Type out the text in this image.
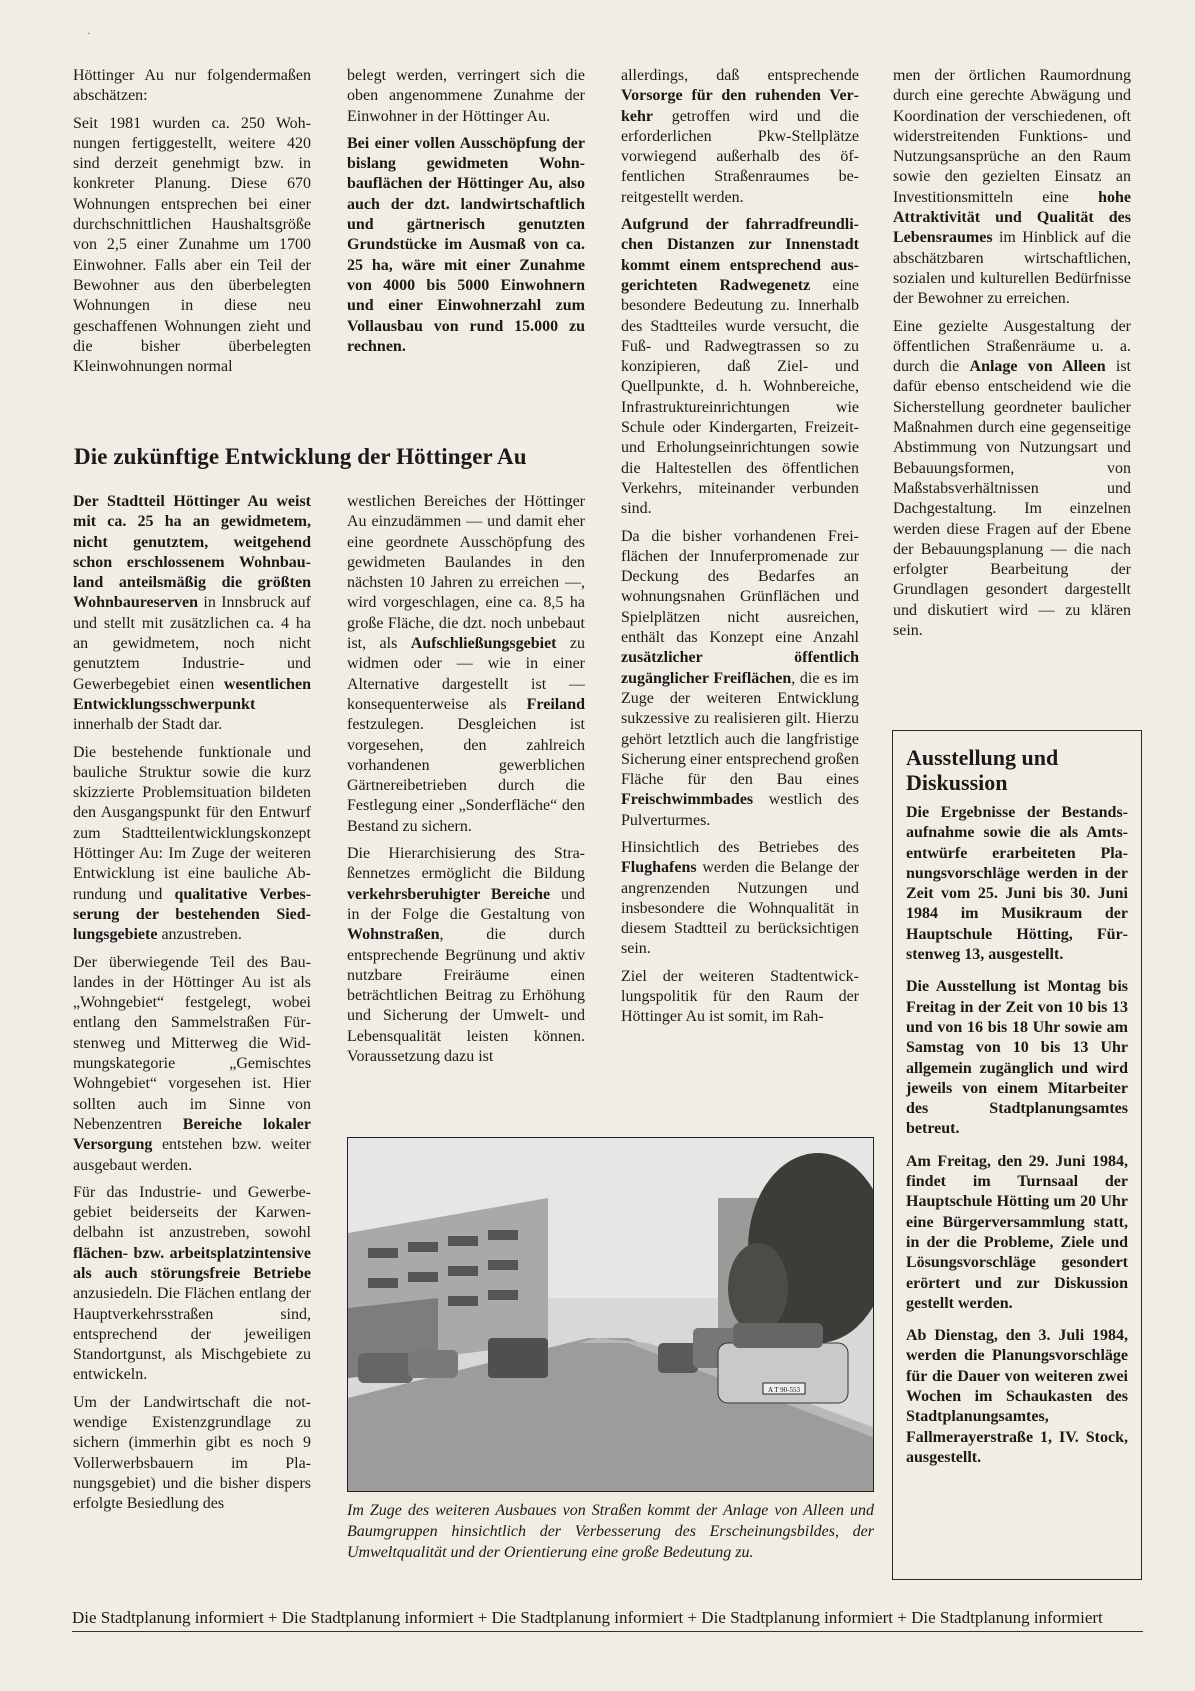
`

Höttinger Au nur folgendermaßen abschätzen:

Seit 1981 wurden ca. 250 Wohnungen fertiggestellt, weitere 420 sind derzeit genehmigt bzw. in konkreter Planung. Diese 670 Wohnungen entsprechen bei einer durchschnittlichen Haushaltsgröße von 2,5 einer Zunahme um 1700 Einwohner. Falls aber ein Teil der Bewohner aus den überbelegten Wohnungen in diese neu geschaffenen Wohnungen zieht und die bisher überbelegten Kleinwohnungen normal

belegt werden, verringert sich die oben angenommene Zunahme der Einwohner in der Höttinger Au.

Bei einer vollen Ausschöpfung der bislang gewidmeten Wohnbauflächen der Höttinger Au, also auch der dzt. landwirtschaftlich und gärtnerisch genutzten Grundstücke im Ausmaß von ca. 25 ha, wäre mit einer Zunahme von 4000 bis 5000 Einwohnern und einer Einwohnerzahl zum Vollausbau von rund 15.000 zu rechnen.

allerdings, daß entsprechende Vorsorge für den ruhenden Verkehr getroffen wird und die erforderlichen Pkw-Stellplätze vorwiegend außerhalb des öffentlichen Straßenraumes bereitgestellt werden.

Aufgrund der fahrradfreundlichen Distanzen zur Innenstadt kommt einem entsprechend ausgerichteten Radwegenetz eine besondere Bedeutung zu. Innerhalb des Stadtteiles wurde versucht, die Fuß- und Radwegtrassen so zu konzipieren, daß Ziel- und Quellpunkte, d. h. Wohnbereiche, Infrastruktureinrichtungen wie Schule oder Kindergarten, Freizeit- und Erholungseinrichtungen sowie die Haltestellen des öffentlichen Verkehrs, miteinander verbunden sind.

Da die bisher vorhandenen Freiflächen der Innuferpromenade zur Deckung des Bedarfes an wohnungsnahen Grünflächen und Spielplätzen nicht ausreichen, enthält das Konzept eine Anzahl zusätzlicher öffentlich zugänglicher Freiflächen, die es im Zuge der weiteren Entwicklung sukzessive zu realisieren gilt. Hierzu gehört letztlich auch die langfristige Sicherung einer entsprechend großen Fläche für den Bau eines Freischwimmbades westlich des Pulverturmes.

Hinsichtlich des Betriebes des Flughafens werden die Belange der angrenzenden Nutzungen und insbesondere die Wohnqualität in diesem Stadtteil zu berücksichtigen sein.

Ziel der weiteren Stadtentwicklungspolitik für den Raum der Höttinger Au ist somit, im Rah-

men der örtlichen Raumordnung durch eine gerechte Abwägung und Koordination der verschiedenen, oft widerstreitenden Funktions- und Nutzungsansprüche an den Raum sowie den gezielten Einsatz an Investitionsmitteln eine hohe Attraktivität und Qualität des Lebensraumes im Hinblick auf die abschätzbaren wirtschaftlichen, sozialen und kulturellen Bedürfnisse der Bewohner zu erreichen.

Eine gezielte Ausgestaltung der öffentlichen Straßenräume u. a. durch die Anlage von Alleen ist dafür ebenso entscheidend wie die Sicherstellung geordneter baulicher Maßnahmen durch eine gegenseitige Abstimmung von Nutzungsart und Bebauungsformen, von Maßstabsverhältnissen und Dachgestaltung. Im einzelnen werden diese Fragen auf der Ebene der Bebauungsplanung — die nach erfolgter Bearbeitung der Grundlagen gesondert dargestellt und diskutiert wird — zu klären sein.

Die zukünftige Entwicklung der Höttinger Au

Der Stadtteil Höttinger Au weist mit ca. 25 ha an gewidmetem, nicht genutztem, weitgehend schon erschlossenem Wohnbauland anteilsmäßig die größten Wohnbaureserven in Innsbruck auf und stellt mit zusätzlichen ca. 4 ha an gewidmetem, noch nicht genutztem Industrie- und Gewerbegebiet einen wesentlichen Entwicklungsschwerpunkt innerhalb der Stadt dar.

Die bestehende funktionale und bauliche Struktur sowie die kurz skizzierte Problemsituation bildeten den Ausgangspunkt für den Entwurf zum Stadtteilentwicklungskonzept Höttinger Au: Im Zuge der weiteren Entwicklung ist eine bauliche Abrundung und qualitative Verbesserung der bestehenden Siedlungsgebiete anzustreben.

Der überwiegende Teil des Baulandes in der Höttinger Au ist als „Wohngebiet“ festgelegt, wobei entlang den Sammelstraßen Fürstenweg und Mitterweg die Widmungskategorie „Gemischtes Wohngebiet“ vorgesehen ist. Hier sollten auch im Sinne von Nebenzentren Bereiche lokaler Versorgung entstehen bzw. weiter ausgebaut werden.

Für das Industrie- und Gewerbegebiet beiderseits der Karwendelbahn ist anzustreben, sowohl flächen- bzw. arbeitsplatzintensive als auch störungsfreie Betriebe anzusiedeln. Die Flächen entlang der Hauptverkehrsstraßen sind, entsprechend der jeweiligen Standortgunst, als Mischgebiete zu entwickeln.

Um der Landwirtschaft die notwendige Existenzgrundlage zu sichern (immerhin gibt es noch 9 Vollerwerbsbauern im Planungsgebiet) und die bisher dispers erfolgte Besiedlung des

westlichen Bereiches der Höttinger Au einzudämmen — und damit eher eine geordnete Ausschöpfung des gewidmeten Baulandes in den nächsten 10 Jahren zu erreichen —, wird vorgeschlagen, eine ca. 8,5 ha große Fläche, die dzt. noch unbebaut ist, als Aufschließungsgebiet zu widmen oder — wie in einer Alternative dargestellt ist — konsequenterweise als Freiland festzulegen. Desgleichen ist vorgesehen, den zahlreich vorhandenen gewerblichen Gärtnereibetrieben durch die Festlegung einer „Sonderfläche“ den Bestand zu sichern.

Die Hierarchisierung des Straßennetzes ermöglicht die Bildung verkehrsberuhigter Bereiche und in der Folge die Gestaltung von Wohnstraßen, die durch entsprechende Begrünung und aktiv nutzbare Freiräume einen beträchtlichen Beitrag zu Erhöhung und Sicherung der Umwelt- und Lebensqualität leisten können. Voraussetzung dazu ist

Ausstellung und Diskussion

Die Ergebnisse der Bestandsaufnahme sowie die als Amtsentwürfe erarbeiteten Planungsvorschläge werden in der Zeit vom 25. Juni bis 30. Juni 1984 im Musikraum der Hauptschule Hötting, Fürstenweg 13, ausgestellt.

Die Ausstellung ist Montag bis Freitag in der Zeit von 10 bis 13 und von 16 bis 18 Uhr sowie am Samstag von 10 bis 13 Uhr allgemein zugänglich und wird jeweils von einem Mitarbeiter des Stadtplanungsamtes betreut.

Am Freitag, den 29. Juni 1984, findet im Turnsaal der Hauptschule Hötting um 20 Uhr eine Bürgerversammlung statt, in der die Probleme, Ziele und Lösungsvorschläge gesondert erörtert und zur Diskussion gestellt werden.

Ab Dienstag, den 3. Juli 1984, werden die Planungsvorschläge für die Dauer von weiteren zwei Wochen im Schaukasten des Stadtplanungsamtes, Fallmerayerstraße 1, IV. Stock, ausgestellt.

A T 90-553
Im Zuge des weiteren Ausbaues von Straßen kommt der Anlage von Alleen und Baumgruppen hinsichtlich der Verbesserung des Erscheinungsbildes, der Umweltqualität und der Orientierung eine große Bedeutung zu.
Die Stadtplanung informiert + Die Stadtplanung informiert + Die Stadtplanung informiert + Die Stadtplanung informiert + Die Stadtplanung informiert
